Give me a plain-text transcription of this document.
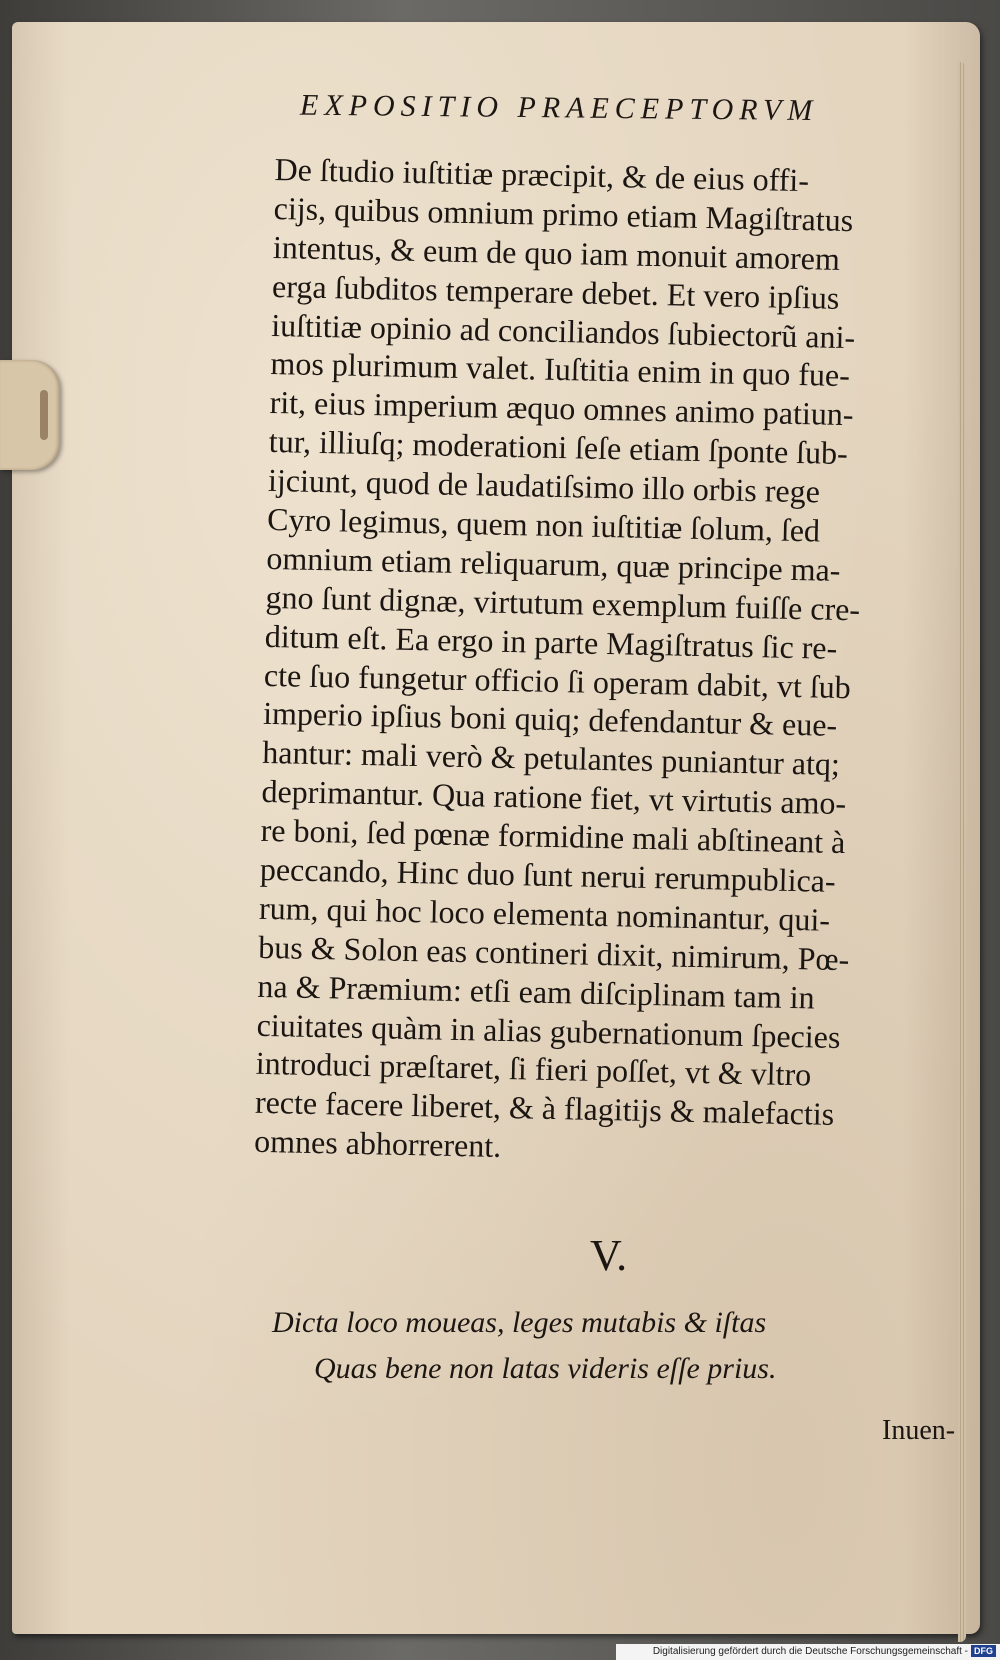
EXPOSITIO PRAECEPTORVM
De ſtudio iuſtitiæ præcipit, & de eius offi-
cijs, quibus omnium primo etiam Magiſtratus
intentus, & eum de quo iam monuit amorem
erga ſubditos temperare debet. Et vero ipſius
iuſtitiæ opinio ad conciliandos ſubiectorũ ani-
mos plurimum valet. Iuſtitia enim in quo fue-
rit, eius imperium æquo omnes animo patiun-
tur, illiuſq; moderationi ſeſe etiam ſponte ſub-
ijciunt, quod de laudatiſsimo illo orbis rege
Cyro legimus, quem non iuſtitiæ ſolum, ſed
omnium etiam reliquarum, quæ principe ma-
gno ſunt dignæ, virtutum exemplum fuiſſe cre-
ditum eſt. Ea ergo in parte Magiſtratus ſic re-
cte ſuo fungetur officio ſi operam dabit, vt ſub
imperio ipſius boni quiq; defendantur & eue-
hantur: mali verò & petulantes puniantur atq;
deprimantur. Qua ratione fiet, vt virtutis amo-
re boni, ſed pœnæ formidine mali abſtineant à
peccando, Hinc duo ſunt nerui rerumpublica-
rum, qui hoc loco elementa nominantur, qui-
bus & Solon eas contineri dixit, nimirum, Pœ-
na & Præmium: etſi eam diſciplinam tam in
ciuitates quàm in alias gubernationum ſpecies
introduci præſtaret, ſi fieri poſſet, vt & vltro
recte facere liberet, & à flagitijs & malefactis
omnes abhorrerent.
V.
Dicta loco moueas, leges mutabis & iſtas
Quas bene non latas videris eſſe prius.
Inuen-
Digitalisierung gefördert durch die Deutsche Forschungsgemeinschaft - DFG
